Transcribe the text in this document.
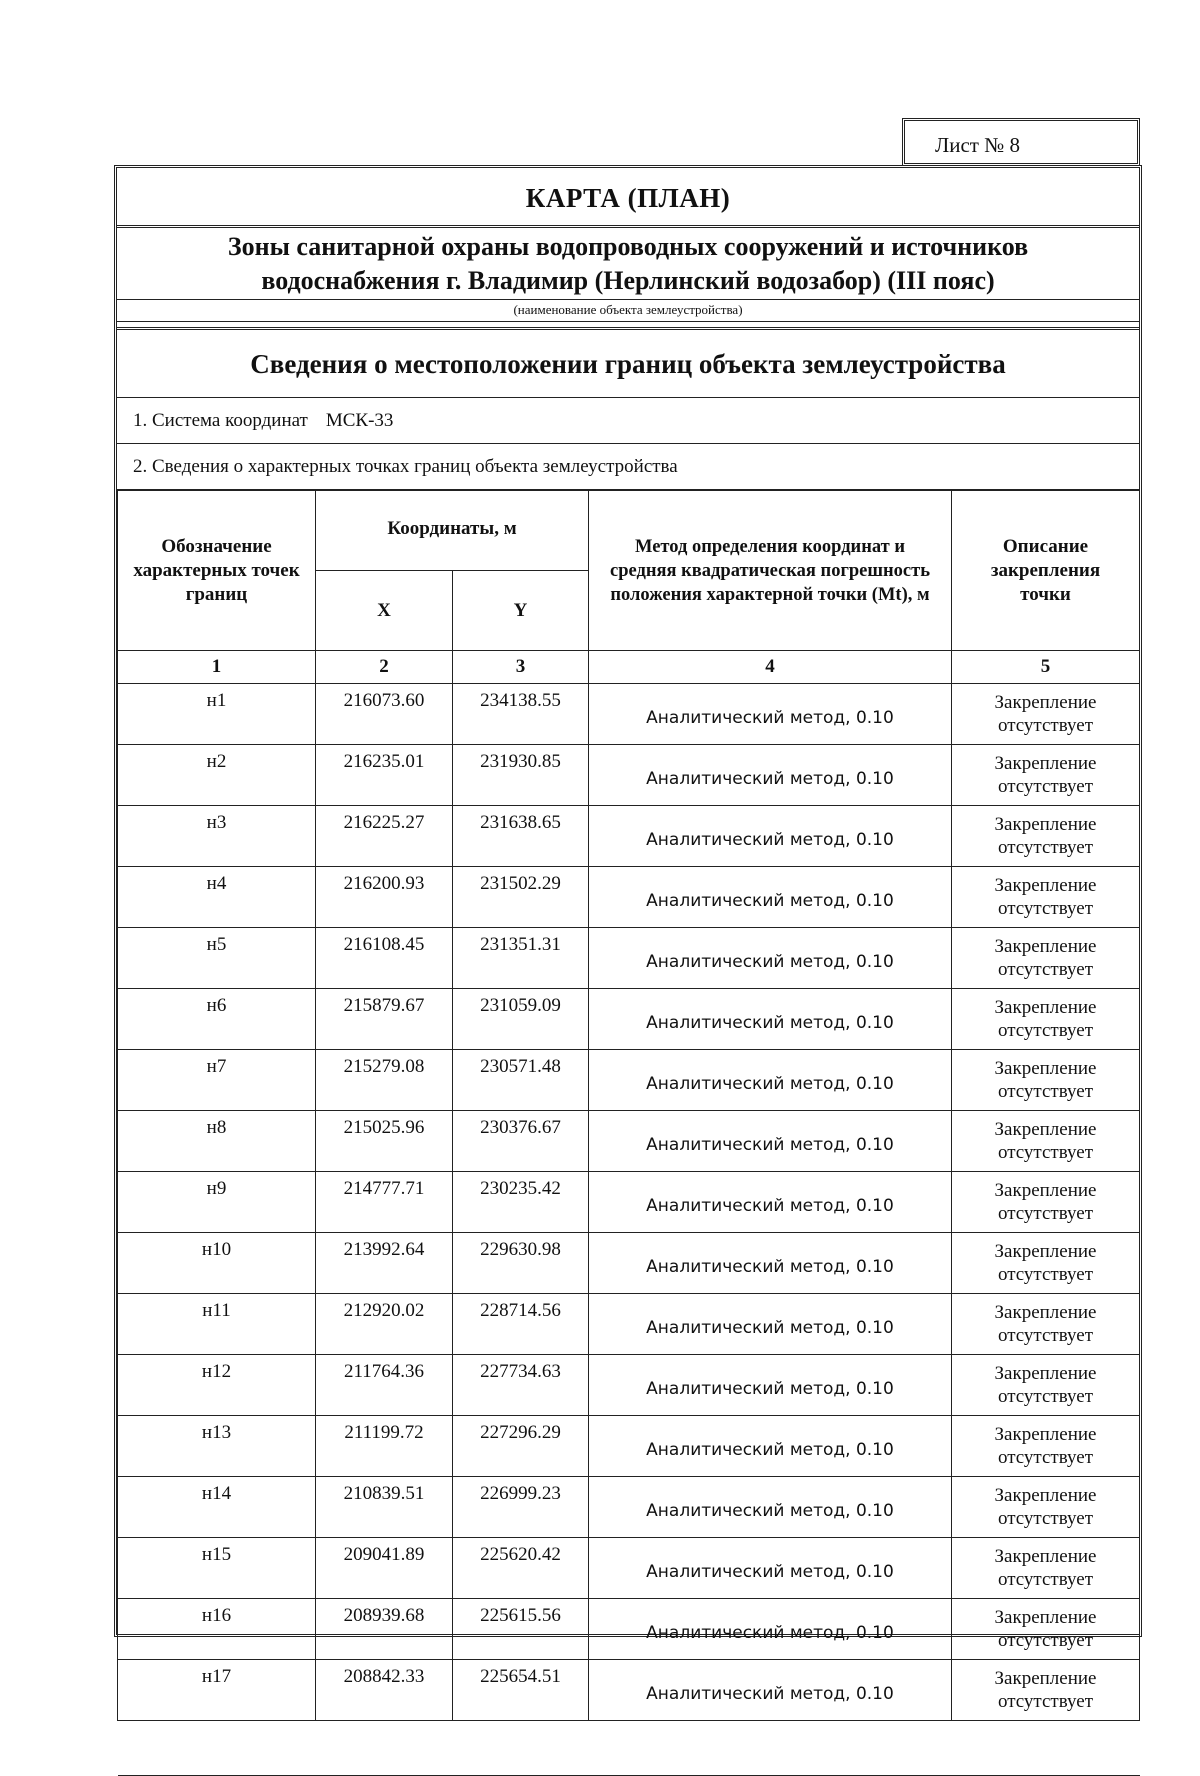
Лист № 8
КАРТА (ПЛАН)
Зоны санитарной охраны водопроводных сооружений и источников
водоснабжения г. Владимир (Нерлинский водозабор) (III пояс)
(наименование объекта землеустройства)
Сведения о местоположении границ объекта землеустройства
1. Система координат МСК-33
2. Сведения о характерных точках границ объекта землеустройства
Обозначение характерных точек границ	Координаты, м		Метод определения координат и средняя квадратическая погрешность положения характерной точки (Mt), м	Описание закрепления точки
	X	Y		
1	2	3	4	5
н1	216073.60	234138.55	Аналитический метод, 0.10	Закрепление отсутствует
н2	216235.01	231930.85	Аналитический метод, 0.10	Закрепление отсутствует
н3	216225.27	231638.65	Аналитический метод, 0.10	Закрепление отсутствует
н4	216200.93	231502.29	Аналитический метод, 0.10	Закрепление отсутствует
н5	216108.45	231351.31	Аналитический метод, 0.10	Закрепление отсутствует
н6	215879.67	231059.09	Аналитический метод, 0.10	Закрепление отсутствует
н7	215279.08	230571.48	Аналитический метод, 0.10	Закрепление отсутствует
н8	215025.96	230376.67	Аналитический метод, 0.10	Закрепление отсутствует
н9	214777.71	230235.42	Аналитический метод, 0.10	Закрепление отсутствует
н10	213992.64	229630.98	Аналитический метод, 0.10	Закрепление отсутствует
н11	212920.02	228714.56	Аналитический метод, 0.10	Закрепление отсутствует
н12	211764.36	227734.63	Аналитический метод, 0.10	Закрепление отсутствует
н13	211199.72	227296.29	Аналитический метод, 0.10	Закрепление отсутствует
н14	210839.51	226999.23	Аналитический метод, 0.10	Закрепление отсутствует
н15	209041.89	225620.42	Аналитический метод, 0.10	Закрепление отсутствует
н16	208939.68	225615.56	Аналитический метод, 0.10	Закрепление отсутствует
н17	208842.33	225654.51	Аналитический метод, 0.10	Закрепление отсутствует
